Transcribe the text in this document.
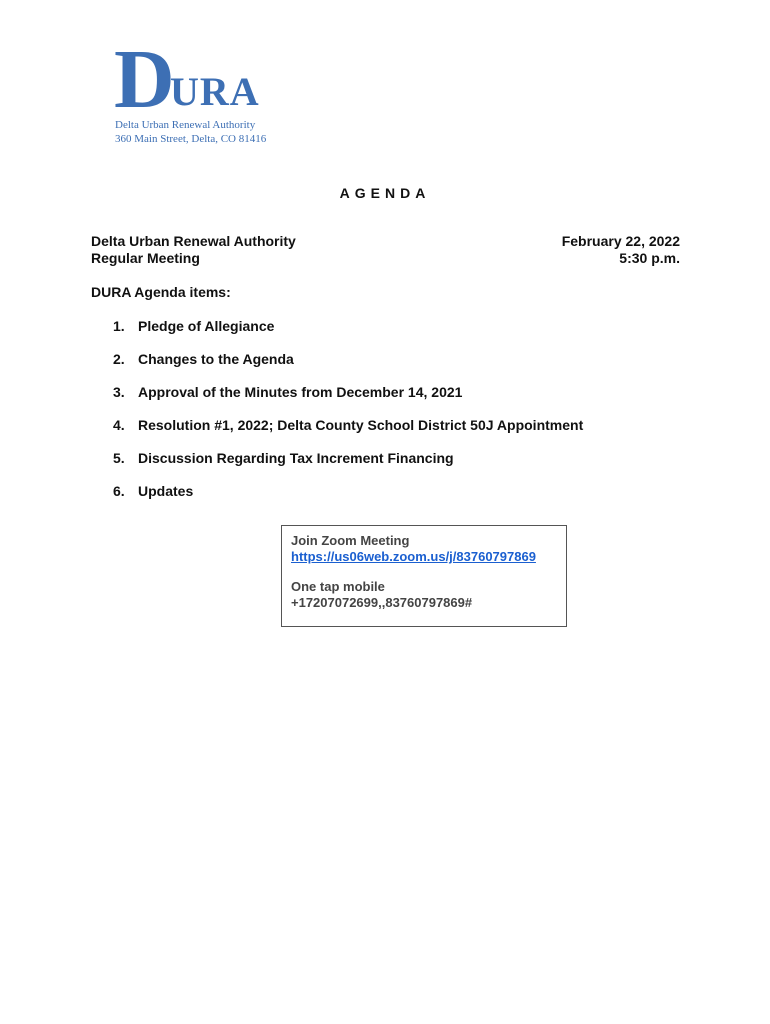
D
URA
Delta Urban Renewal Authority
360 Main Street, Delta, CO 81416
AGENDA
Delta Urban Renewal Authority
Regular Meeting
February 22, 2022
5:30 p.m.
DURA Agenda items:
1. Pledge of Allegiance
2. Changes to the Agenda
3. Approval of the Minutes from December 14, 2021
4. Resolution #1, 2022; Delta County School District 50J Appointment
5. Discussion Regarding Tax Increment Financing
6. Updates
Join Zoom Meeting
https://us06web.zoom.us/j/83760797869
One tap mobile
+17207072699,,83760797869#
